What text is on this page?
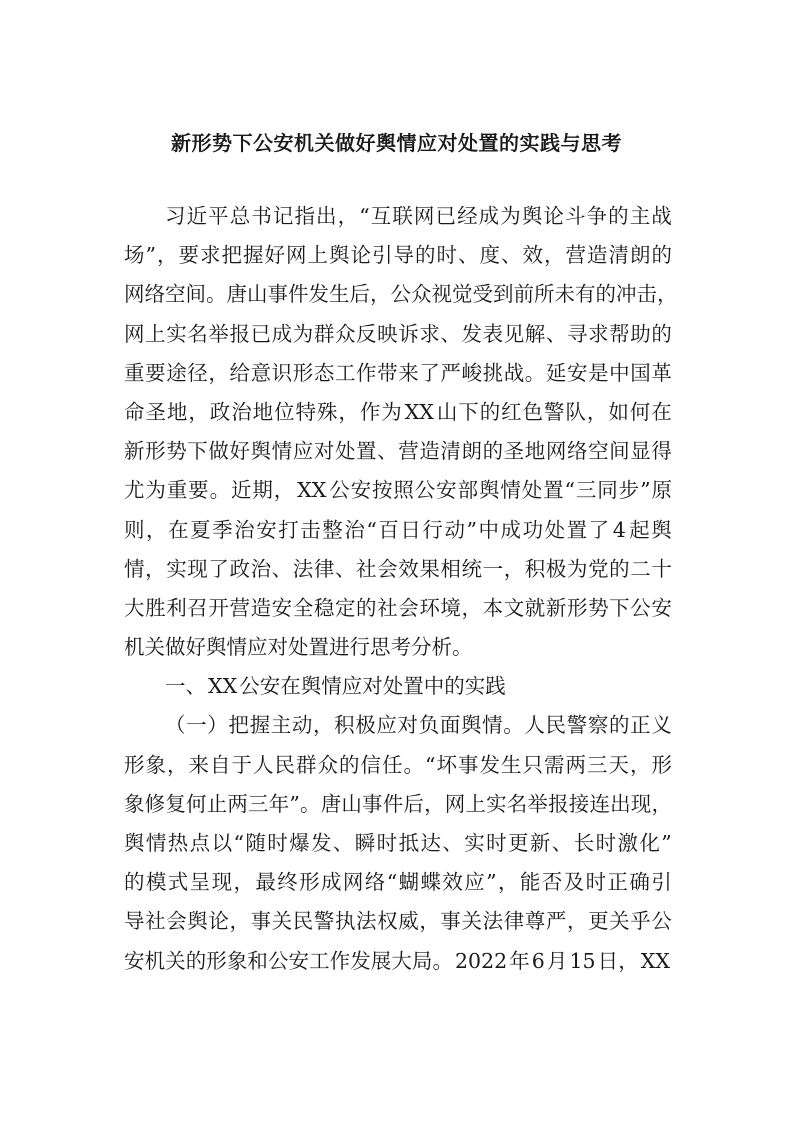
新形势下公安机关做好舆情应对处置的实践与思考
习 近 平 总 书 记 指 出 ， “ 互 联 网 已 经 成 为 舆 论 斗 争 的 主 战
场 ” ， 要 求 把 握 好 网 上 舆 论 引 导 的 时 、 度 、 效 ， 营 造 清 朗 的
网 络 空 间 。 唐 山 事 件 发 生 后 ， 公 众 视 觉 受 到 前 所 未 有 的 冲 击 ，
网 上 实 名 举 报 已 成 为 群 众 反 映 诉 求 、 发 表 见 解 、 寻 求 帮 助 的
重 要 途 径 ， 给 意 识 形 态 工 作 带 来 了 严 峻 挑 战 。 延 安 是 中 国 革
命 圣 地 ， 政 治 地 位 特 殊 ， 作 为 XX 山 下 的 红 色 警 队 ， 如 何 在
新 形 势 下 做 好 舆 情 应 对 处 置 、 营 造 清 朗 的 圣 地 网 络 空 间 显 得
尤 为 重 要 。 近 期 ， XX 公 安 按 照 公 安 部 舆 情 处 置 “ 三 同 步 ” 原
则 ， 在 夏 季 治 安 打 击 整 治 “ 百 日 行 动 ” 中 成 功 处 置 了 4 起 舆
情 ， 实 现 了 政 治 、 法 律 、 社 会 效 果 相 统 一 ， 积 极 为 党 的 二 十
大 胜 利 召 开 营 造 安 全 稳 定 的 社 会 环 境 ， 本 文 就 新 形 势 下 公 安
机 关 做 好 舆 情 应 对 处 置 进 行 思 考 分 析 。
一 、 XX 公 安 在 舆 情 应 对 处 置 中 的 实 践
（ 一 ） 把 握 主 动 ， 积 极 应 对 负 面 舆 情 。 人 民 警 察 的 正 义
形 象 ， 来 自 于 人 民 群 众 的 信 任 。 “ 坏 事 发 生 只 需 两 三 天 ， 形
象 修 复 何 止 两 三 年 ” 。 唐 山 事 件 后 ， 网 上 实 名 举 报 接 连 出 现 ，
舆 情 热 点 以 “ 随 时 爆 发 、 瞬 时 抵 达 、 实 时 更 新 、 长 时 激 化 ”
的 模 式 呈 现 ， 最 终 形 成 网 络 “ 蝴 蝶 效 应 ” ， 能 否 及 时 正 确 引
导 社 会 舆 论 ， 事 关 民 警 执 法 权 威 ， 事 关 法 律 尊 严 ， 更 关 乎 公
安 机 关 的 形 象 和 公 安 工 作 发 展 大 局 。 2022 年 6 月 15 日 ， XX
